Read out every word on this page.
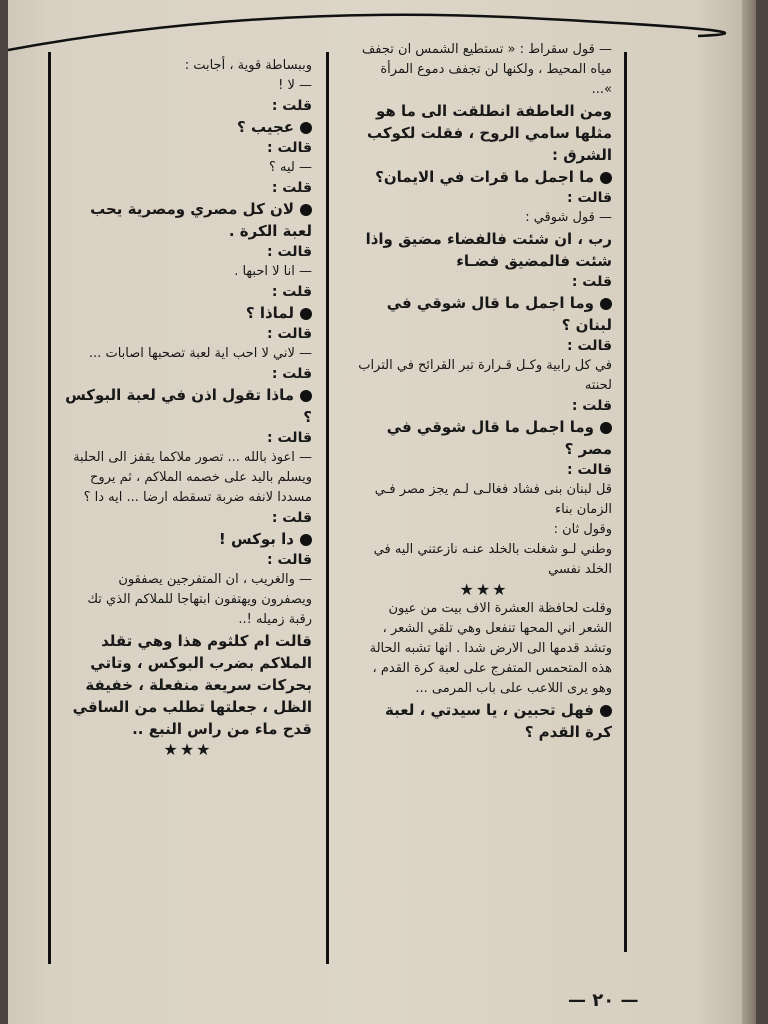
— قول سقراط : « تستطيع الشمس ان تجفف مياه المحيط ، ولكنها لن تجفف دموع المرأة »...

ومن العاطفة انطلقت الى ما هو مثلها سامي الروح ، فقلت لكوكب الشرق :

ما اجمل ما قرات في الايمان؟

قالت :

— قول شوقي :

رب ، ان شئت فالفضاء مضيق واذا شئت فالمضيق فضـاء

قلت :

وما اجمل ما قال شوقي في لبنان ؟

قالت :

في كل رابية وكـل قـرارة تبر القرائح في التراب لحنته

قلت :

وما اجمل ما قال شوقي في مصر ؟

قالت :

قل لبنان بنى فشاد فغالـى لـم يجز مصر فـي الزمان بناء

وقول ثان :

وطني لـو شغلت بالخلد عنـه نازعتني اليه في الخلد نفسي

★★★

وقلت لحافظة العشرة الاف بيت من عيون الشعر اني المحها تنفعل وهي تلقي الشعر ، وتشد قدمها الى الارض شدا . انها تشبه الحالة هذه المتحمس المتفرج على لعبة كرة القدم ، وهو يرى اللاعب على باب المرمى ...

فهل تحبين ، يا سيدتي ، لعبة كرة القدم ؟

وببساطة قوية ، أجابت :

— لا !

قلت :

عجيب ؟

قالت :

— ليه ؟

قلت :

لان كل مصري ومصرية يحب لعبة الكرة .

قالت :

— انا لا احبها .

قلت :

لماذا ؟

قالت :

— لاني لا احب اية لعبة تصحبها اصابات ...

قلت :

ماذا تقول اذن في لعبة البوكس ؟

قالت :

— اعوذ بالله ... تصور ملاكما يقفز الى الحلبة ويسلم باليد على خصمه الملاكم ، ثم يروح مسددا لانفه ضربة تسقطه ارضا ... ايه دا ؟

قلت :

دا بوكس !

قالت :

— والغريب ، ان المتفرجين يصفقون ويصفرون ويهتفون ابتهاجا للملاكم الذي تك رقبة زميله !..

قالت ام كلثوم هذا وهي تقلد الملاكم بضرب البوكس ، وتاتي بحركات سريعة منفعلة ، خفيفة الظل ، جعلتها تطلب من الساقي قدح ماء من راس النبع ..

★★★

— ٢٠ —
